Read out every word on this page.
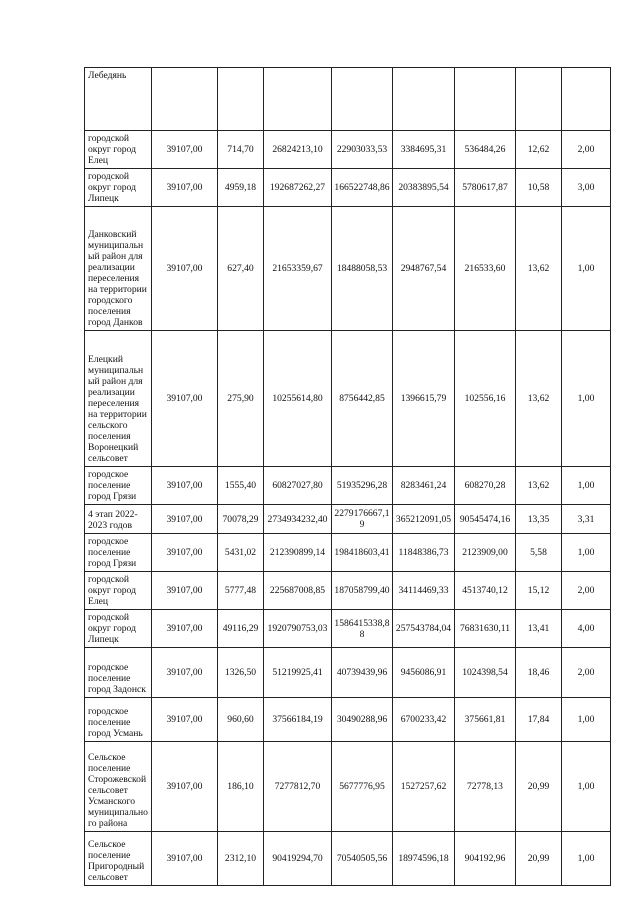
Лебедянь								
городской округ город Елец	39107,00	714,70	26824213,10	22903033,53	3384695,31	536484,26	12,62	2,00
городской округ город Липецк	39107,00	4959,18	192687262,27	166522748,86	20383895,54	5780617,87	10,58	3,00
Данковский муниципальный район для реализации переселения на территории городского поселения город Данков	39107,00	627,40	21653359,67	18488058,53	2948767,54	216533,60	13,62	1,00
Елецкий муниципальный район для реализации переселения на территории сельского поселения Воронецкий сельсовет	39107,00	275,90	10255614,80	8756442,85	1396615,79	102556,16	13,62	1,00
городское поселение город Грязи	39107,00	1555,40	60827027,80	51935296,28	8283461,24	608270,28	13,62	1,00
4 этап 2022-2023 годов	39107,00	70078,29	2734934232,40	2279176667,19	365212091,05	90545474,16	13,35	3,31
городское поселение город Грязи	39107,00	5431,02	212390899,14	198418603,41	11848386,73	2123909,00	5,58	1,00
городской округ город Елец	39107,00	5777,48	225687008,85	187058799,40	34114469,33	4513740,12	15,12	2,00
городской округ город Липецк	39107,00	49116,29	1920790753,03	1586415338,88	257543784,04	76831630,11	13,41	4,00
городское поселение город Задонск	39107,00	1326,50	51219925,41	40739439,96	9456086,91	1024398,54	18,46	2,00
городское поселение город Усмань	39107,00	960,60	37566184,19	30490288,96	6700233,42	375661,81	17,84	1,00
Сельское поселение Сторожевской сельсовет Усманского муниципального района	39107,00	186,10	7277812,70	5677776,95	1527257,62	72778,13	20,99	1,00
Сельское поселение Пригородный сельсовет	39107,00	2312,10	90419294,70	70540505,56	18974596,18	904192,96	20,99	1,00
